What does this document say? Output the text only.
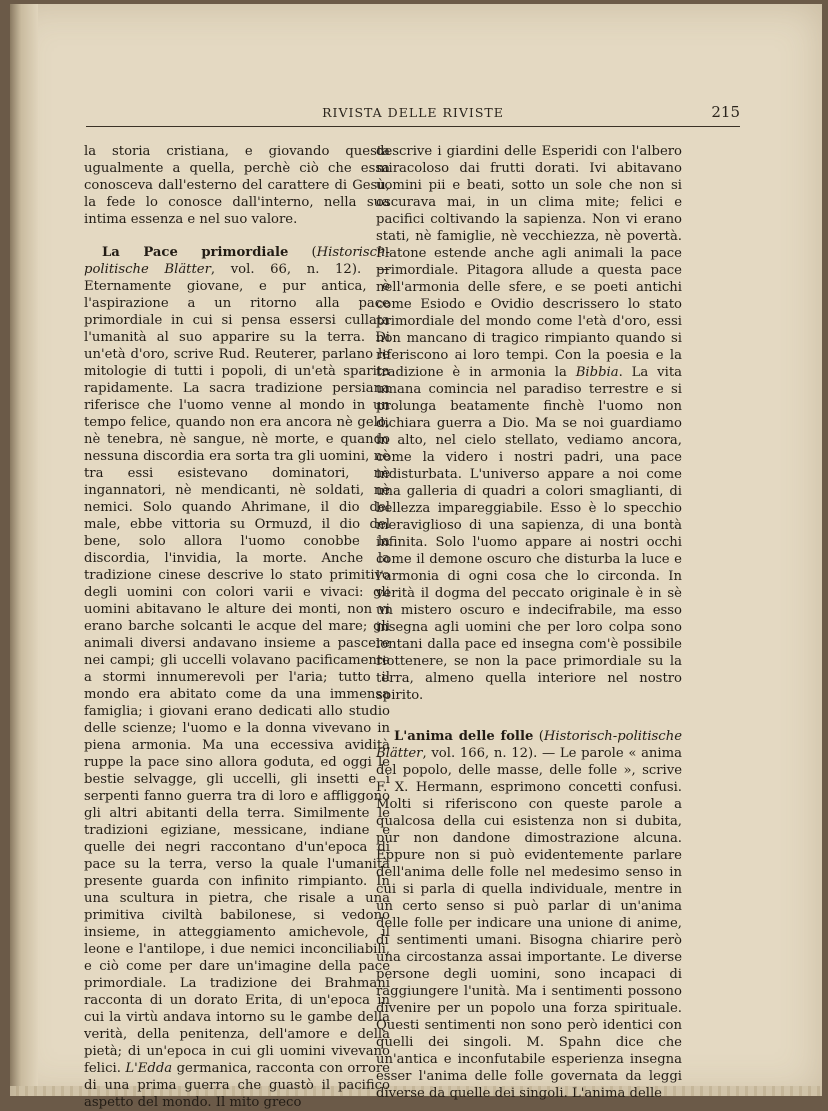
RIVISTA DELLE RIVISTE	215

la storia cristiana, e giovando questa ugualmente a quella, perchè ciò che essa conosceva dall'esterno del carattere di Gesù, la fede lo conosce dall'interno, nella sua intima essenza e nel suo valore.

La Pace primordiale (Historisch-politische Blätter, vol. 66, n. 12). — Eternamente giovane, e pur antica, è l'aspirazione a un ritorno alla pace primordiale in cui si pensa essersi cullata l'umanità al suo apparire su la terra. Di un'età d'oro, scrive Rud. Reuterer, parlano le mitologie di tutti i popoli, di un'età sparita rapidamente. La sacra tradizione persiana riferisce che l'uomo venne al mondo in un tempo felice, quando non era ancora nè gelo, nè tenebra, nè sangue, nè morte, e quando nessuna discordia era sorta tra gli uomini, nè tra essi esistevano dominatori, nè ingannatori, nè mendicanti, nè soldati, nè nemici. Solo quando Ahrimane, il dio del male, ebbe vittoria su Ormuzd, il dio del bene, solo allora l'uomo conobbe la discordia, l'invidia, la morte. Anche la tradizione cinese descrive lo stato primitivo degli uomini con colori varii e vivaci: gli uomini abitavano le alture dei monti, non vi erano barche solcanti le acque del mare; gli animali diversi andavano insieme a pascere nei campi; gli uccelli volavano pacificamente a stormi innumerevoli per l'aria; tutto il mondo era abitato come da una immensa famiglia; i giovani erano dedicati allo studio delle scienze; l'uomo e la donna vivevano in piena armonia. Ma una eccessiva avidità ruppe la pace sino allora goduta, ed oggi le bestie selvagge, gli uccelli, gli insetti e i serpenti fanno guerra tra di loro e affliggono gli altri abitanti della terra. Similmente le tradizioni egiziane, messicane, indiane e quelle dei negri raccontano d'un'epoca di pace su la terra, verso la quale l'umanità presente guarda con infinito rimpianto. In una scultura in pietra, che risale a una primitiva civiltà babilonese, si vedono insieme, in atteggiamento amichevole, il leone e l'antilope, i due nemici inconciliabili, e ciò come per dare un'imagine della pace primordiale. La tradizione dei Brahmani racconta di un dorato Erita, di un'epoca in cui la virtù andava intorno su le gambe della verità, della penitenza, dell'amore e della pietà; di un'epoca in cui gli uomini vivevano felici. L'Edda germanica, racconta con orrore di una prima guerra che guastò il pacifico aspetto del mondo. Il mito greco

descrive i giardini delle Esperidi con l'albero miracoloso dai frutti dorati. Ivi abitavano uomini pii e beati, sotto un sole che non si oscurava mai, in un clima mite; felici e pacifici coltivando la sapienza. Non vi erano stati, nè famiglie, nè vecchiezza, nè povertà. Platone estende anche agli animali la pace primordiale. Pitagora allude a questa pace nell'armonia delle sfere, e se poeti antichi come Esiodo e Ovidio descrissero lo stato primordiale del mondo come l'età d'oro, essi non mancano di tragico rimpianto quando si riferiscono ai loro tempi. Con la poesia e la tradizione è in armonia la Bibbia. La vita umana comincia nel paradiso terrestre e si prolunga beatamente finchè l'uomo non dichiara guerra a Dio. Ma se noi guardiamo in alto, nel cielo stellato, vediamo ancora, come la videro i nostri padri, una pace indisturbata. L'universo appare a noi come una galleria di quadri a colori smaglianti, di bellezza impareggiabile. Esso è lo specchio meraviglioso di una sapienza, di una bontà infinita. Solo l'uomo appare ai nostri occhi come il demone oscuro che disturba la luce e l'armonia di ogni cosa che lo circonda. In verità il dogma del peccato originale è in sè un mistero oscuro e indecifrabile, ma esso insegna agli uomini che per loro colpa sono lontani dalla pace ed insegna com'è possibile riottenere, se non la pace primordiale su la terra, almeno quella interiore nel nostro spirito.

L'anima delle folle (Historisch-politische Blätter, vol. 166, n. 12). — Le parole « anima del popolo, delle masse, delle folle », scrive F. X. Hermann, esprimono concetti confusi. Molti si riferiscono con queste parole a qualcosa della cui esistenza non si dubita, pur non dandone dimostrazione alcuna. Eppure non si può evidentemente parlare dell'anima delle folle nel medesimo senso in cui si parla di quella individuale, mentre in un certo senso si può parlar di un'anima delle folle per indicare una unione di anime, di sentimenti umani. Bisogna chiarire però una circostanza assai importante. Le diverse persone degli uomini, sono incapaci di raggiungere l'unità. Ma i sentimenti possono divenire per un popolo una forza spirituale. Questi sentimenti non sono però identici con quelli dei singoli. M. Spahn dice che un'antica e inconfutabile esperienza insegna esser l'anima delle folle governata da leggi diverse da quelle dei singoli. L'anima delle
